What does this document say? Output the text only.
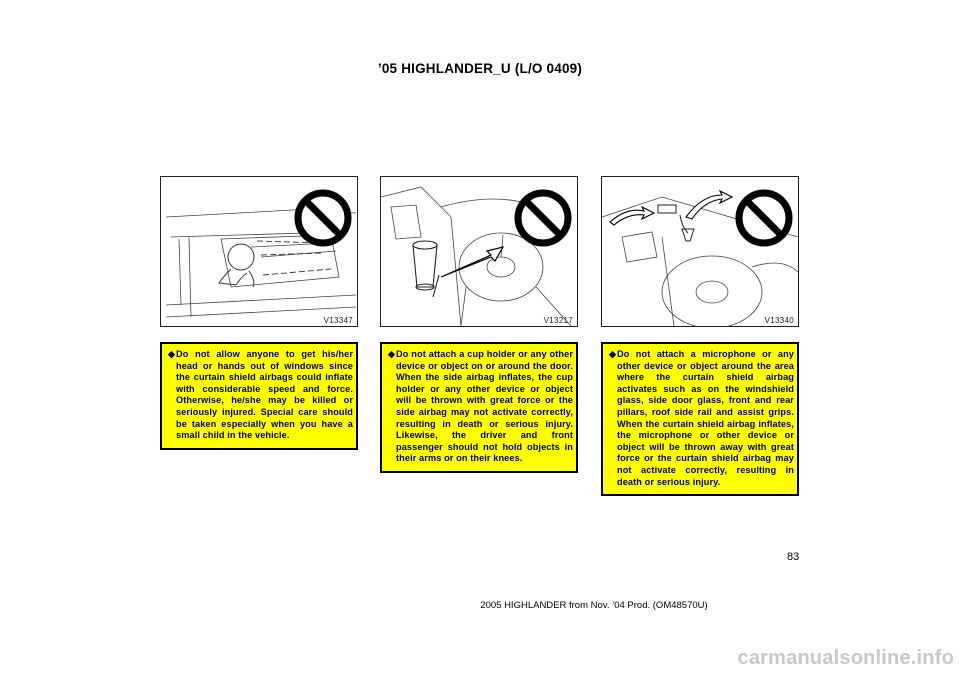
’05 HIGHLANDER_U (L/O 0409)
V13347

◆Do not allow anyone to get his/her head or hands out of windows since the curtain shield airbags could inflate with considerable speed and force. Otherwise, he/she may be killed or seriously injured. Special care should be taken especially when you have a small child in the vehicle.

V13217

◆Do not attach a cup holder or any other device or object on or around the door. When the side airbag inflates, the cup holder or any other device or object will be thrown with great force or the side airbag may not activate correctly, resulting in death or serious injury. Likewise, the driver and front passenger should not hold objects in their arms or on their knees.

V13340

◆Do not attach a microphone or any other device or object around the area where the curtain shield airbag activates such as on the windshield glass, side door glass, front and rear pillars, roof side rail and assist grips. When the curtain shield airbag inflates, the microphone or other device or object will be thrown away with great force or the curtain shield airbag may not activate correctly, resulting in death or serious injury.

83
2005 HIGHLANDER from Nov. ’04 Prod. (OM48570U)
carmanualsonline.info
